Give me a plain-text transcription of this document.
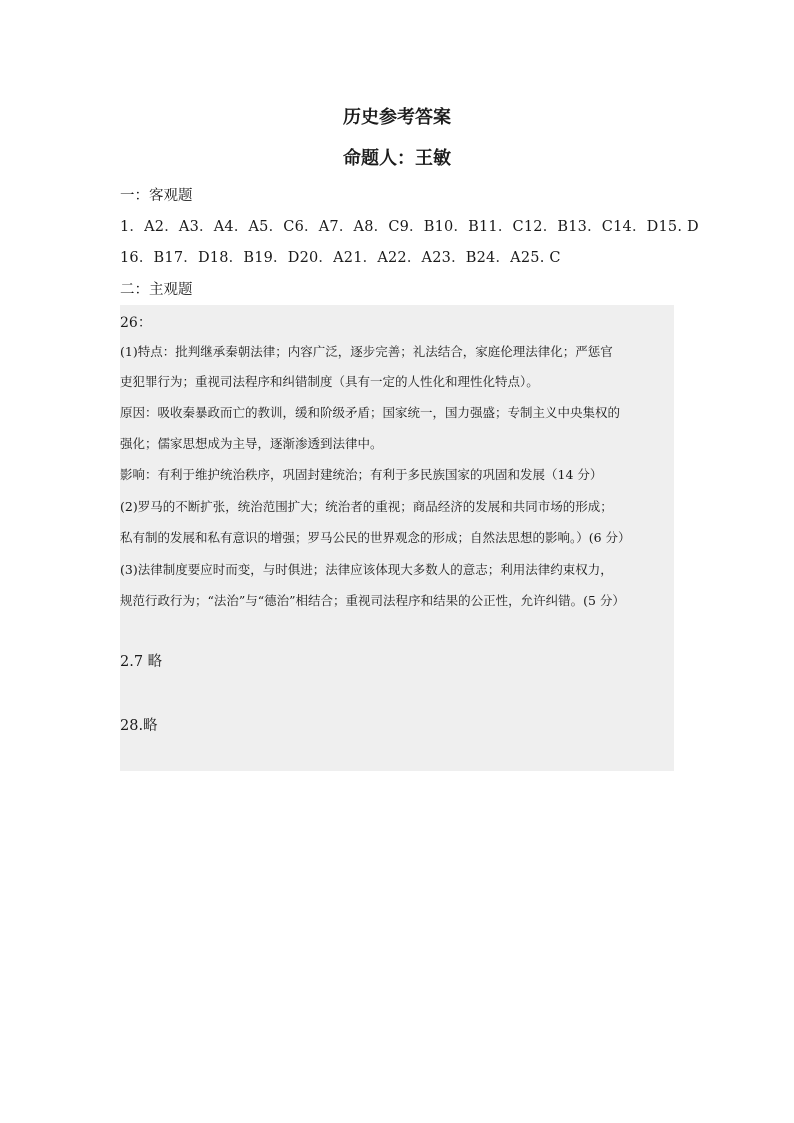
历史参考答案
命题人：王敏
一：客观题
1．A2．A3．A4．A5．C6．A7．A8．C9．B10．B11．C12．B13．C14．D15. D
16．B17．D18．B19．D20．A21．A22．A23．B24．A25. C
二：主观题
26：
(1)特点：批判继承秦朝法律；内容广泛，逐步完善；礼法结合，家庭伦理法律化；严惩官
吏犯罪行为；重视司法程序和纠错制度（具有一定的人性化和理性化特点）。
原因：吸收秦暴政而亡的教训，缓和阶级矛盾；国家统一，国力强盛；专制主义中央集权的
强化；儒家思想成为主导，逐渐渗透到法律中。
影响：有利于维护统治秩序，巩固封建统治；有利于多民族国家的巩固和发展（14 分）
(2)罗马的不断扩张，统治范围扩大；统治者的重视；商品经济的发展和共同市场的形成；
私有制的发展和私有意识的增强；罗马公民的世界观念的形成；自然法思想的影响。）(6 分）
(3)法律制度要应时而变，与时俱进；法律应该体现大多数人的意志；利用法律约束权力，
规范行政行为；“法治”与“德治”相结合；重视司法程序和结果的公正性，允许纠错。(5 分）
2.7 略
28.略
